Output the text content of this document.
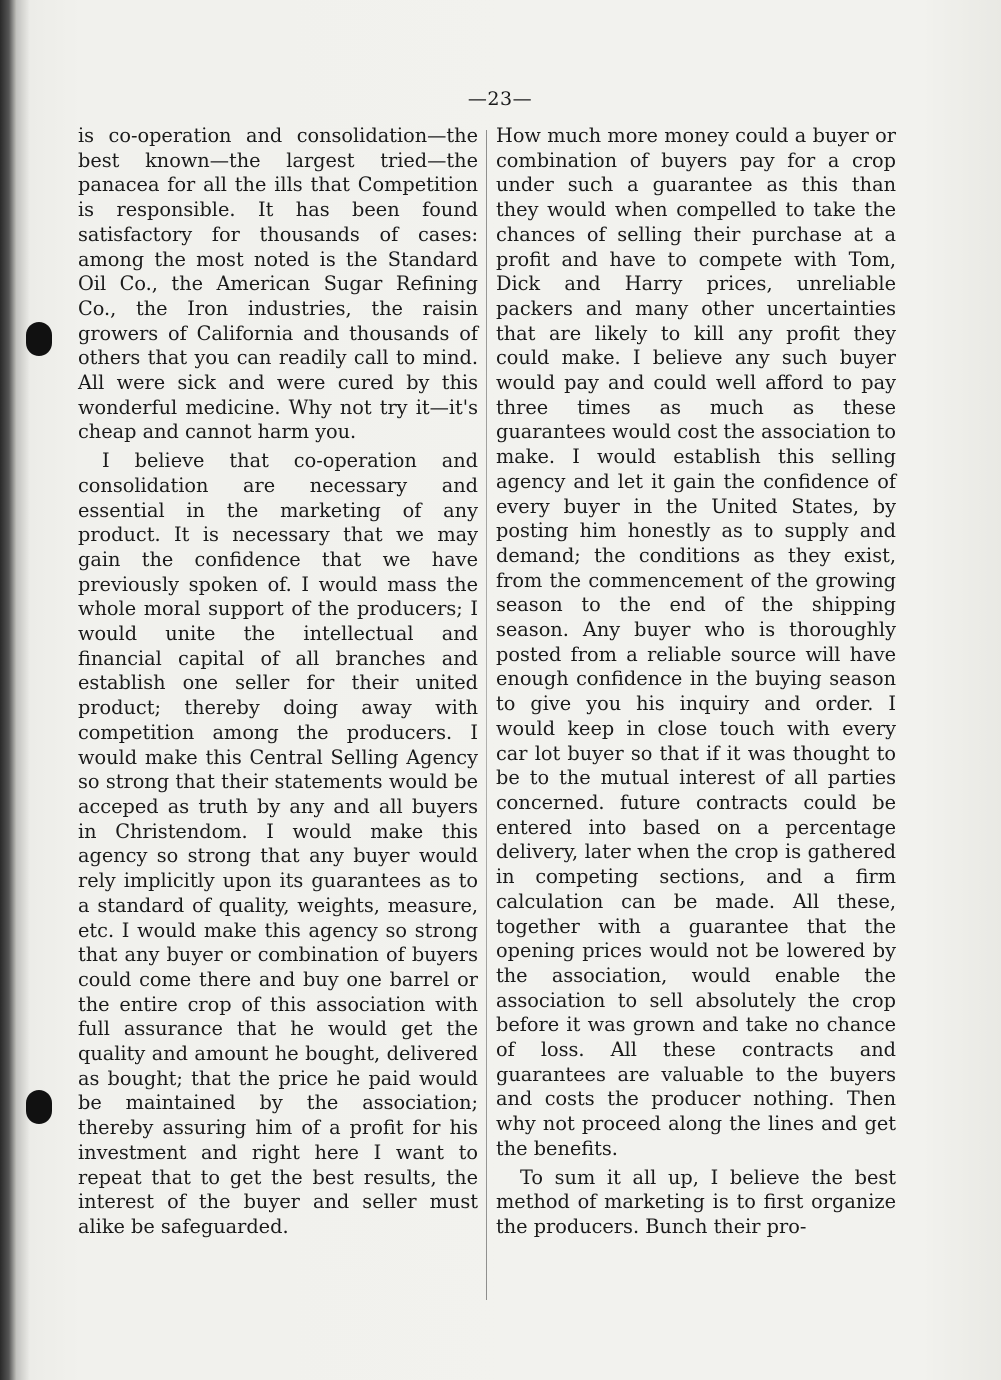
—23—

is co-operation and consolidation—the best known—the largest tried—the panacea for all the ills that Competition is responsible. It has been found satisfactory for thousands of cases: among the most noted is the Standard Oil Co., the American Sugar Refining Co., the Iron industries, the raisin growers of California and thousands of others that you can readily call to mind. All were sick and were cured by this wonderful medicine. Why not try it—it's cheap and cannot harm you.

I believe that co-operation and consolidation are necessary and essential in the marketing of any product. It is necessary that we may gain the confidence that we have previously spoken of. I would mass the whole moral support of the producers; I would unite the intellectual and financial capital of all branches and establish one seller for their united product; thereby doing away with competition among the producers. I would make this Central Selling Agency so strong that their statements would be acceped as truth by any and all buyers in Christendom. I would make this agency so strong that any buyer would rely implicitly upon its guarantees as to a standard of quality, weights, measure, etc. I would make this agency so strong that any buyer or combination of buyers could come there and buy one barrel or the entire crop of this association with full assurance that he would get the quality and amount he bought, delivered as bought; that the price he paid would be maintained by the association; thereby assuring him of a profit for his investment and right here I want to repeat that to get the best results, the interest of the buyer and seller must alike be safeguarded.

How much more money could a buyer or combination of buyers pay for a crop under such a guarantee as this than they would when compelled to take the chances of selling their purchase at a profit and have to compete with Tom, Dick and Harry prices, unreliable packers and many other uncertainties that are likely to kill any profit they could make. I believe any such buyer would pay and could well afford to pay three times as much as these guarantees would cost the association to make. I would establish this selling agency and let it gain the confidence of every buyer in the United States, by posting him honestly as to supply and demand; the conditions as they exist, from the commencement of the growing season to the end of the shipping season. Any buyer who is thoroughly posted from a reliable source will have enough confidence in the buying season to give you his inquiry and order. I would keep in close touch with every car lot buyer so that if it was thought to be to the mutual interest of all parties concerned. future contracts could be entered into based on a percentage delivery, later when the crop is gathered in competing sections, and a firm calculation can be made. All these, together with a guarantee that the opening prices would not be lowered by the association, would enable the association to sell absolutely the crop before it was grown and take no chance of loss. All these contracts and guarantees are valuable to the buyers and costs the producer nothing. Then why not proceed along the lines and get the benefits.

To sum it all up, I believe the best method of marketing is to first organize the producers. Bunch their pro-
